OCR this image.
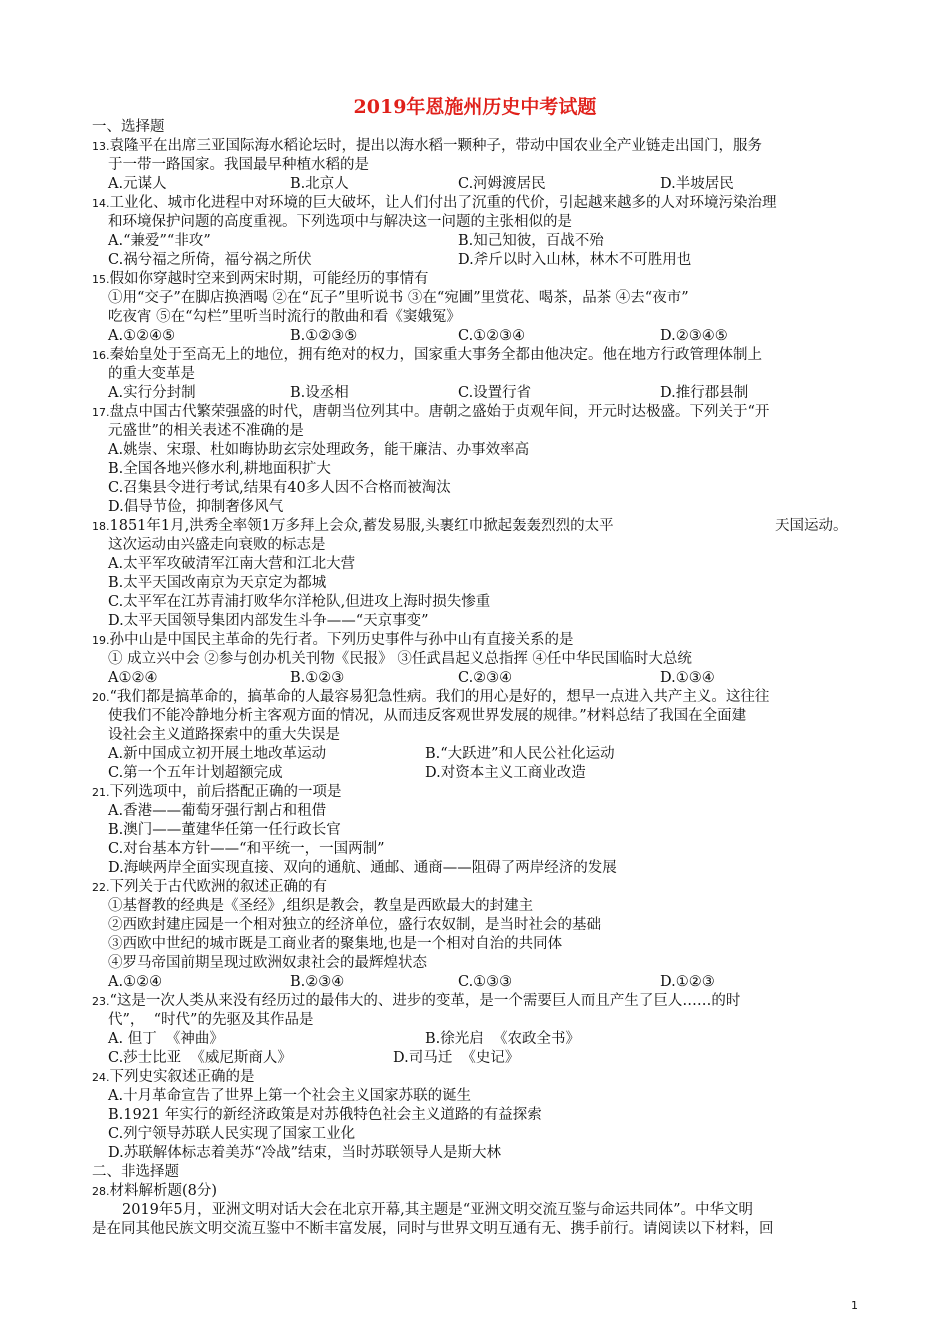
2019年恩施州历史中考试题
一、选择题
13.袁隆平在出席三亚国际海水稻论坛时，提出以海水稻一颗种子，带动中国农业全产业链走出国门，服务
于一带一路国家。我国最早种植水稻的是
A.元谋人	B.北京人	C.河姆渡居民	D.半坡居民
14.工业化、城市化进程中对环境的巨大破坏，让人们付出了沉重的代价，引起越来越多的人对环境污染治理
和环境保护问题的高度重视。下列选项中与解决这一问题的主张相似的是
A.“兼爱”“非攻”	B.知己知彼，百战不殆
C.祸兮福之所倚，福兮祸之所伏	D.斧斤以时入山林，林木不可胜用也
15.假如你穿越时空来到两宋时期，可能经历的事情有
①用“交子”在脚店换酒喝 ②在“瓦子”里听说书 ③在“宛圃”里赏花、喝茶，品茶 ④去“夜市”
吃夜宵 ⑤在“勾栏”里听当时流行的散曲和看《窦娥冤》
A.①②④⑤	B.①②③⑤	C.①②③④	D.②③④⑤
16.秦始皇处于至高无上的地位，拥有绝对的权力，国家重大事务全都由他决定。他在地方行政管理体制上
的重大变革是
A.实行分封制	B.设丞相	C.设置行省	D.推行郡县制
17.盘点中国古代繁荣强盛的时代，唐朝当位列其中。唐朝之盛始于贞观年间，开元时达极盛。下列关于“开
元盛世”的相关表述不准确的是
A.姚崇、宋璟、杜如晦协助玄宗处理政务，能干廉洁、办事效率高
B.全国各地兴修水利,耕地面积扩大
C.召集县令进行考试,结果有40多人因不合格而被淘汰
D.倡导节俭，抑制奢侈风气
18.1851年1月,洪秀全率领1万多拜上会众,蓄发易服,头裹红巾掀起轰轰烈烈的太平	天国运动。
这次运动由兴盛走向衰败的标志是
A.太平军攻破清军江南大营和江北大营
B.太平天国改南京为天京定为都城
C.太平军在江苏青浦打败华尔洋枪队,但进攻上海时损失惨重
D.太平天国领导集团内部发生斗争——“天京事变”
19.孙中山是中国民主革命的先行者。下列历史事件与孙中山有直接关系的是
① 成立兴中会 ②参与创办机关刊物《民报》 ③任武昌起义总指挥 ④任中华民国临时大总统
A①②④	B.①②③	C.②③④	D.①③④
20.“我们都是搞革命的，搞革命的人最容易犯急性病。我们的用心是好的，想早一点进入共产主义。这往往
使我们不能冷静地分析主客观方面的情况，从而违反客观世界发展的规律。”材料总结了我国在全面建
设社会主义道路探索中的重大失误是
A.新中国成立初开展土地改革运动	B.“大跃进”和人民公社化运动
C.第一个五年计划超额完成	D.对资本主义工商业改造
21.下列选项中，前后搭配正确的一项是
A.香港——葡萄牙强行割占和租借
B.澳门——董建华任第一任行政长官
C.对台基本方针——“和平统一，一国两制”
D.海峡两岸全面实现直接、双向的通航、通邮、通商——阻碍了两岸经济的发展
22.下列关于古代欧洲的叙述正确的有
①基督教的经典是《圣经》,组织是教会，教皇是西欧最大的封建主
②西欧封建庄园是一个相对独立的经济单位，盛行农奴制，是当时社会的基础
③西欧中世纪的城市既是工商业者的聚集地,也是一个相对自治的共同体
④罗马帝国前期呈现过欧洲奴隶社会的最辉煌状态
A.①②④	B.②③④	C.①③③	D.①②③
23.“这是一次人类从来没有经历过的最伟大的、进步的变革，是一个需要巨人而且产生了巨人……的时
代”，  “时代”的先驱及其作品是
A. 但丁  《神曲》	B.徐光启  《农政全书》
C.莎士比亚  《威尼斯商人》	D.司马迁  《史记》
24.下列史实叙述正确的是
A.十月革命宣告了世界上第一个社会主义国家苏联的诞生
B.1921 年实行的新经济政策是对苏俄特色社会主义道路的有益探索
C.列宁领导苏联人民实现了国家工业化
D.苏联解体标志着美苏“冷战”结束，当时苏联领导人是斯大林
二、非选择题
28.材料解析题(8分)
2019年5月，亚洲文明对话大会在北京开幕,其主题是“亚洲文明交流互鉴与命运共同体”。中华文明
是在同其他民族文明交流互鉴中不断丰富发展，同时与世界文明互通有无、携手前行。请阅读以下材料，回
1
